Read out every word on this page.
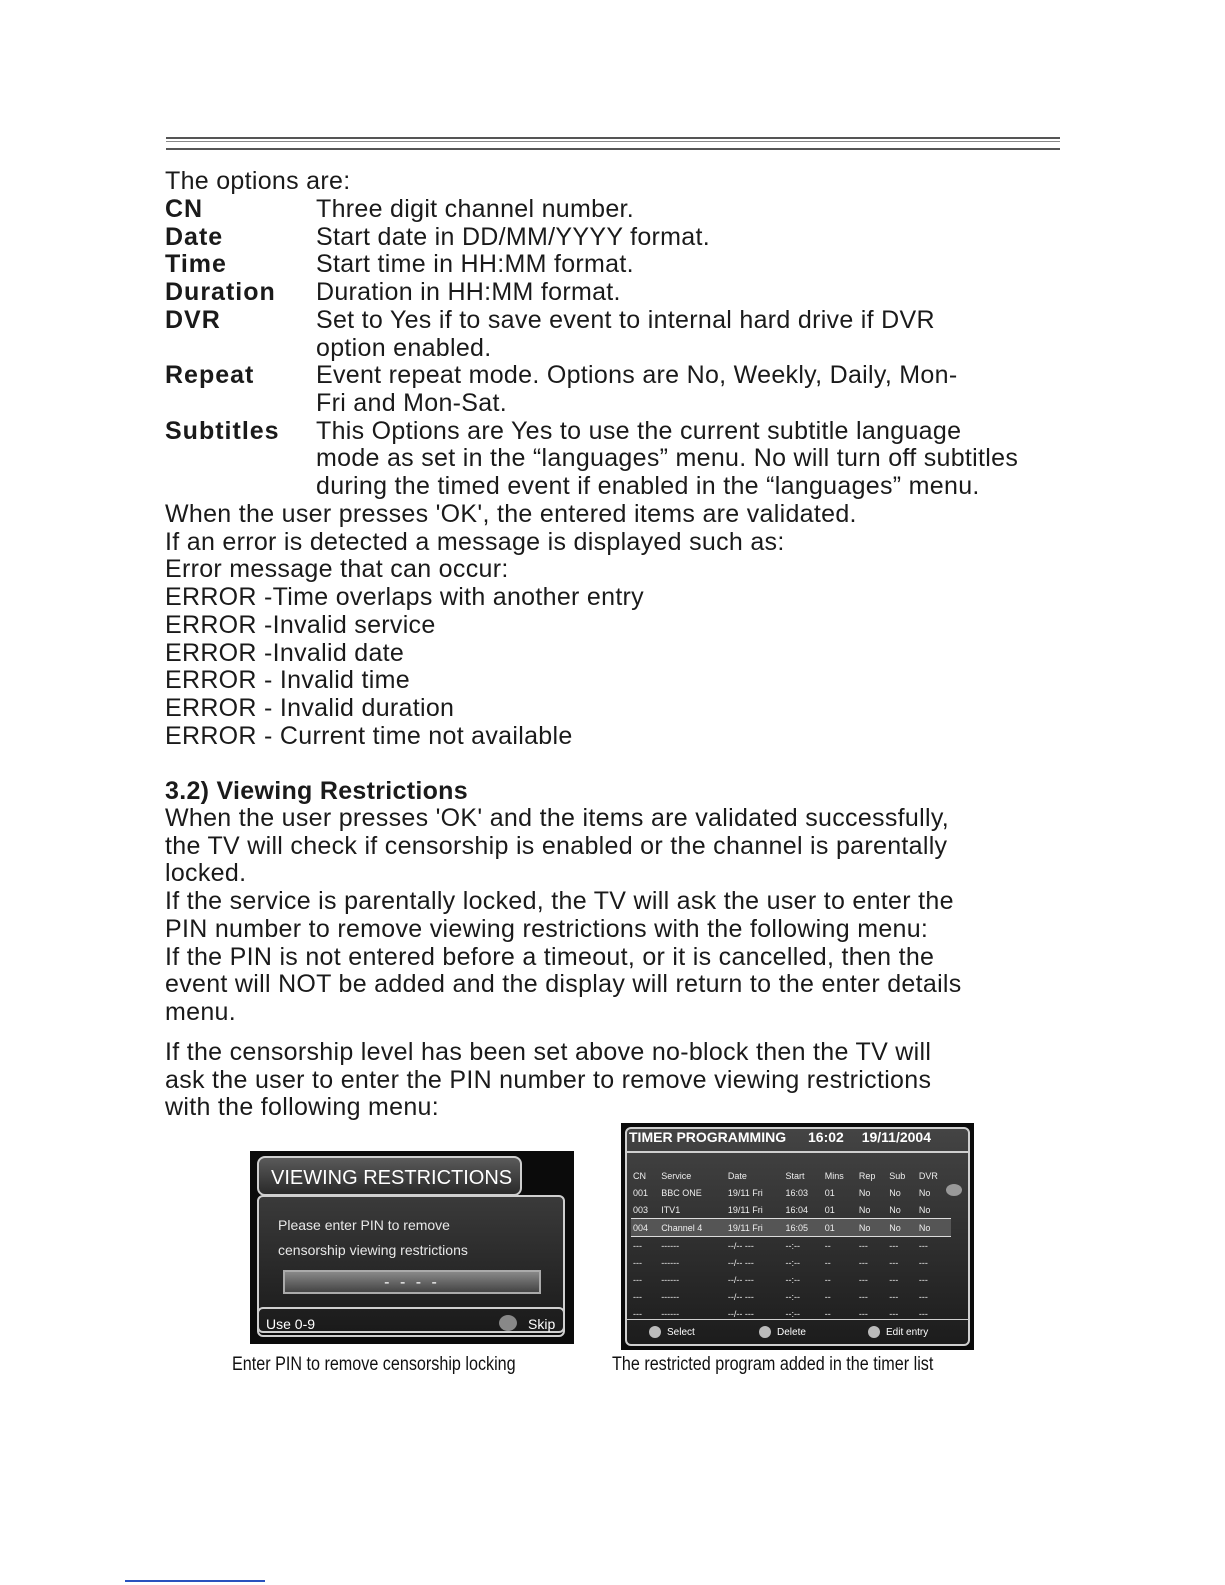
The options are:
CN	Three digit channel number.
Date	Start date in DD/MM/YYYY format.
Time	Start time in HH:MM format.
Duration	Duration in HH:MM format.
DVR	Set to Yes if to save event to internal hard drive if DVR
option enabled.
Repeat	Event repeat mode. Options are No, Weekly, Daily, Mon-
Fri and Mon-Sat.
Subtitles	This Options are Yes to use the current subtitle language
mode as set in the “languages” menu. No will turn off subtitles
during the timed event if enabled in the “languages” menu.
When the user presses 'OK', the entered items are validated.
If an error is detected a message is displayed such as:
Error message that can occur:
ERROR -Time overlaps with another entry
ERROR -Invalid service
ERROR -Invalid date
ERROR - Invalid time
ERROR - Invalid duration
ERROR - Current time not available
3.2) Viewing Restrictions
When the user presses 'OK' and the items are validated successfully,
the TV will check if censorship is enabled or the channel is parentally
locked.
If the service is parentally locked, the TV will ask the user to enter the
PIN number to remove viewing restrictions with the following menu:
If the PIN is not entered before a timeout, or it is cancelled, then the
event will NOT be added and the display will return to the enter details
menu.
If the censorship level has been set above no-block then the TV will
ask the user to enter the PIN number to remove viewing restrictions
with the following menu:
VIEWING RESTRICTIONS
Please enter PIN to remove
censorship viewing restrictions
- - - -
Use 0-9	Skip
TIMER PROGRAMMING 16:02 19/11/2004
CN	Service	Date	Start	Mins	Rep	Sub	DVR
001	BBC ONE	19/11 Fri	16:03	01	No	No	No
003	ITV1	19/11 Fri	16:04	01	No	No	No
004	Channel 4	19/11 Fri	16:05	01	No	No	No
---	------	--/-- ---	--:--	--	---	---	---
---	------	--/-- ---	--:--	--	---	---	---
---	------	--/-- ---	--:--	--	---	---	---
---	------	--/-- ---	--:--	--	---	---	---
---	------	--/-- ---	--:--	--	---	---	---
Select	Delete	Edit entry
Enter PIN to remove censorship locking	The restricted program added in the timer list
